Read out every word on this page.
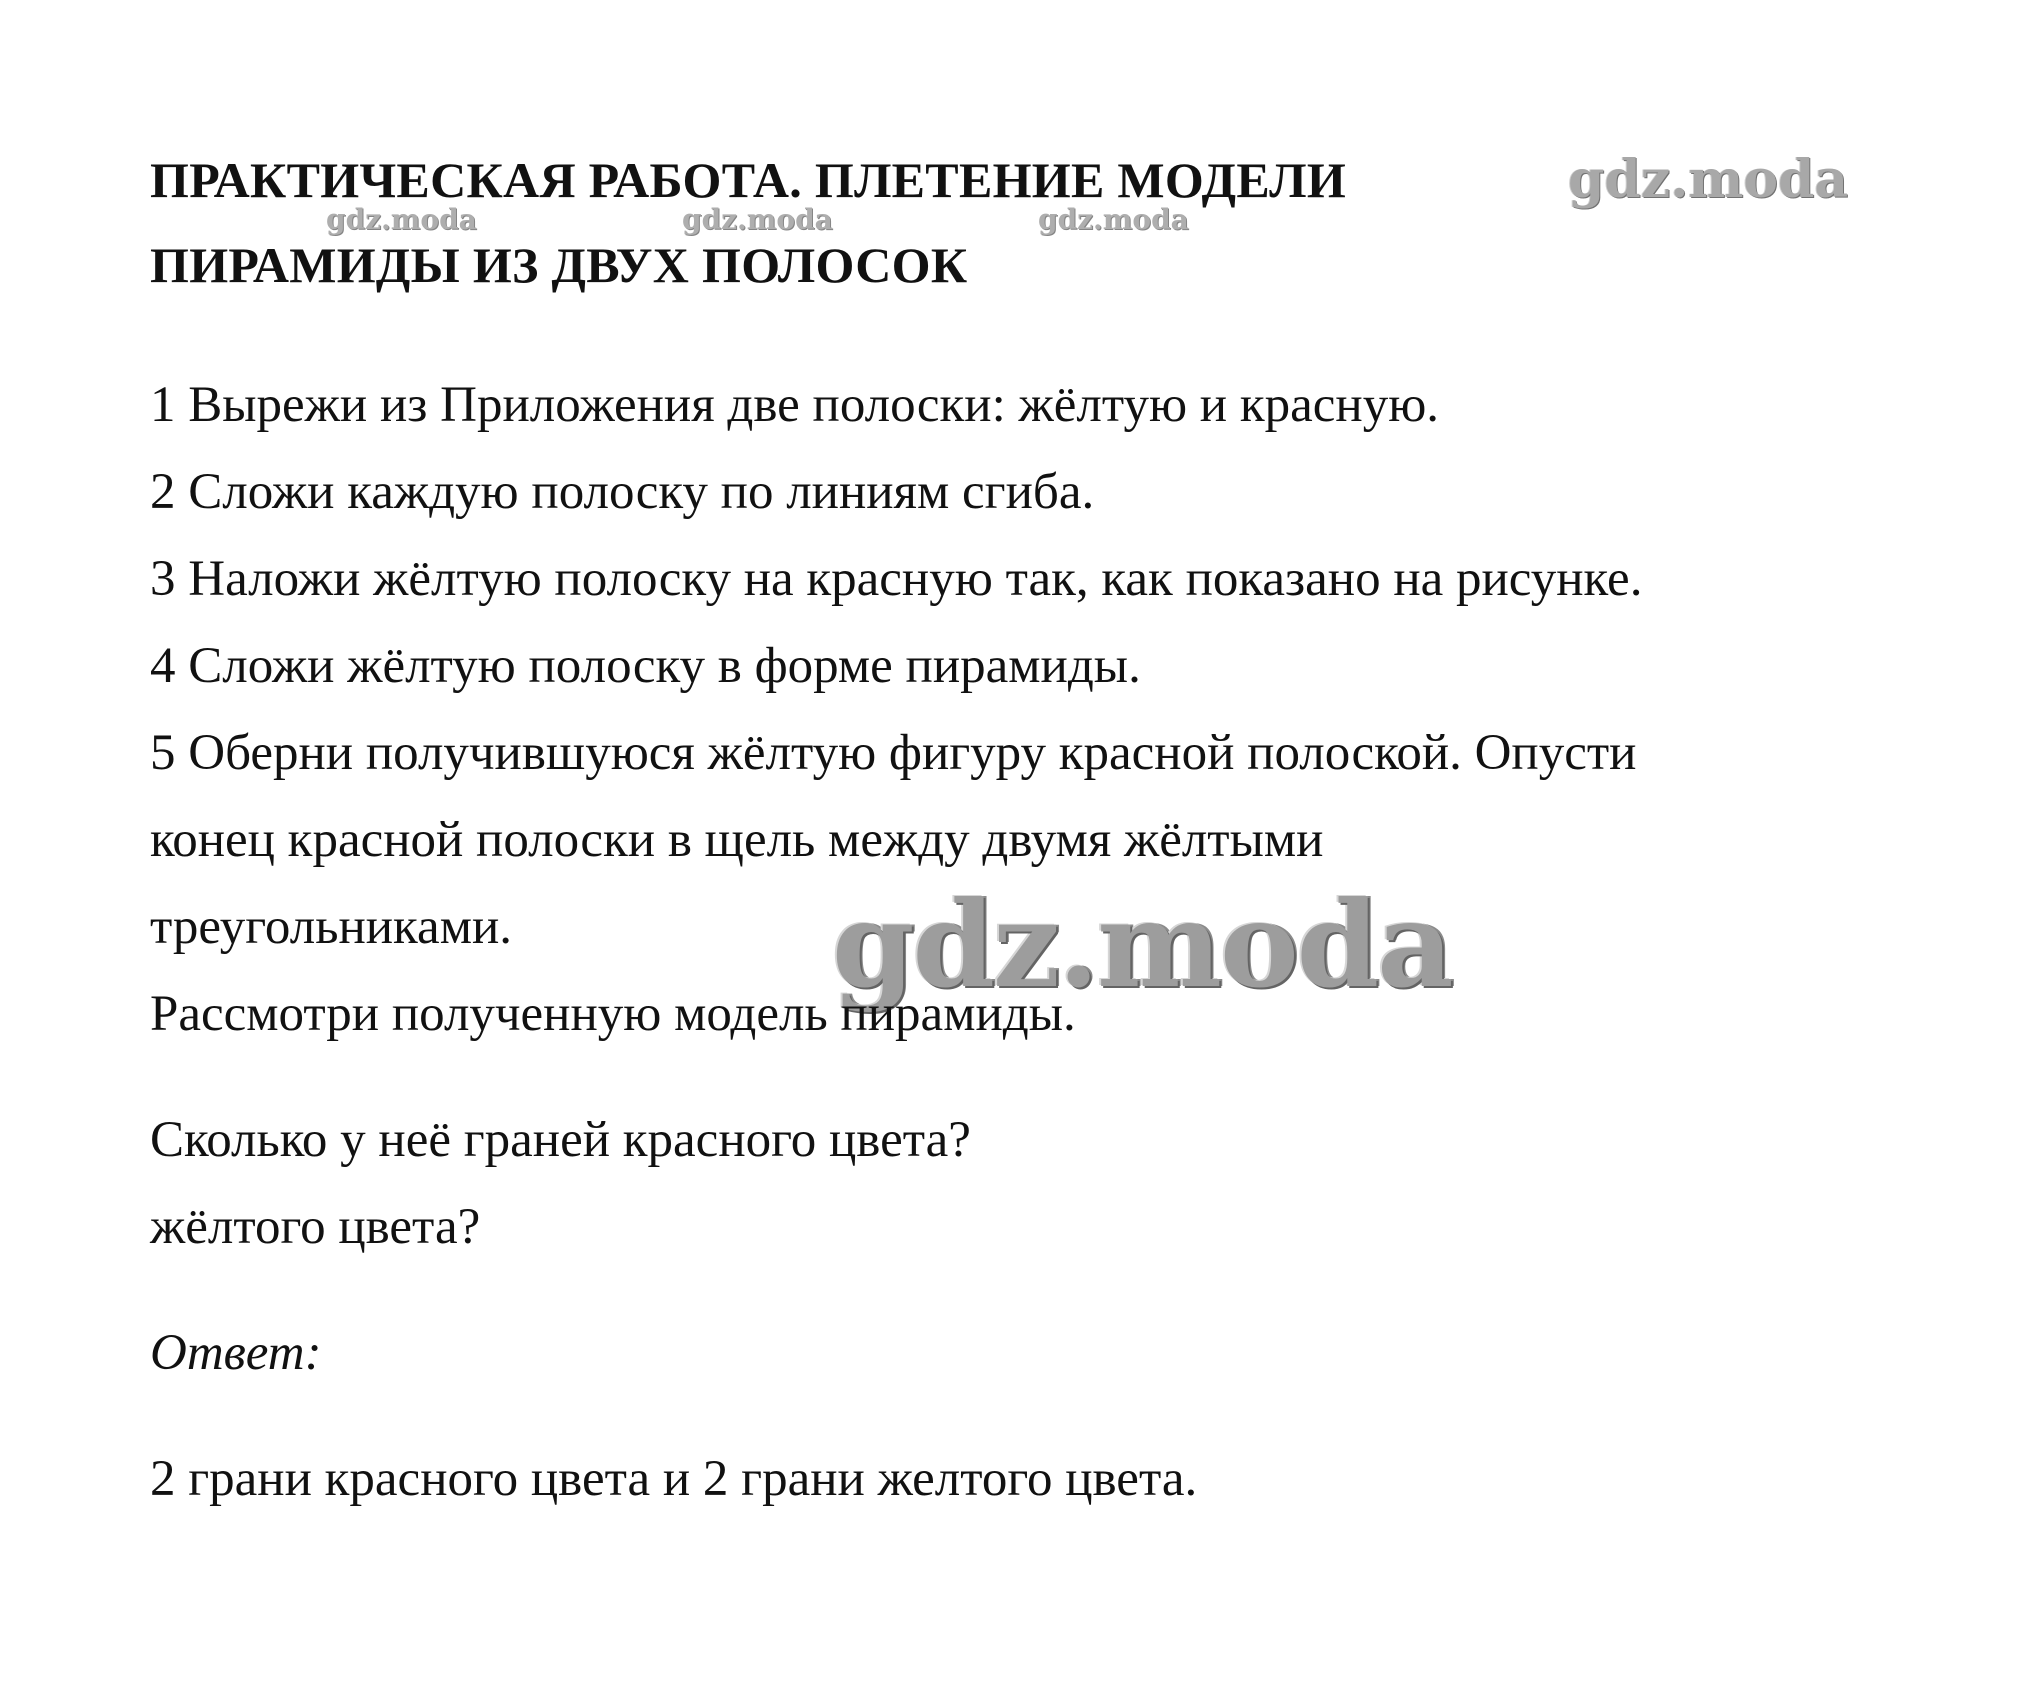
ПРАКТИЧЕСКАЯ РАБОТА. ПЛЕТЕНИЕ МОДЕЛИ	gdz.moda
gdz.moda	gdz.moda	gdz.moda
ПИРАМИДЫ ИЗ ДВУХ ПОЛОСОК
1 Вырежи из Приложения две полоски: жёлтую и красную.
2 Сложи каждую полоску по линиям сгиба.
3 Наложи жёлтую полоску на красную так, как показано на рисунке.
4 Сложи жёлтую полоску в форме пирамиды.
5 Оберни получившуюся жёлтую фигуру красной полоской. Опусти
конец красной полоски в щель между двумя жёлтыми
треугольниками.	gdz.moda
Рассмотри полученную модель пирамиды.
Сколько у неё граней красного цвета?
жёлтого цвета?
Ответ:
2 грани красного цвета и 2 грани желтого цвета.
